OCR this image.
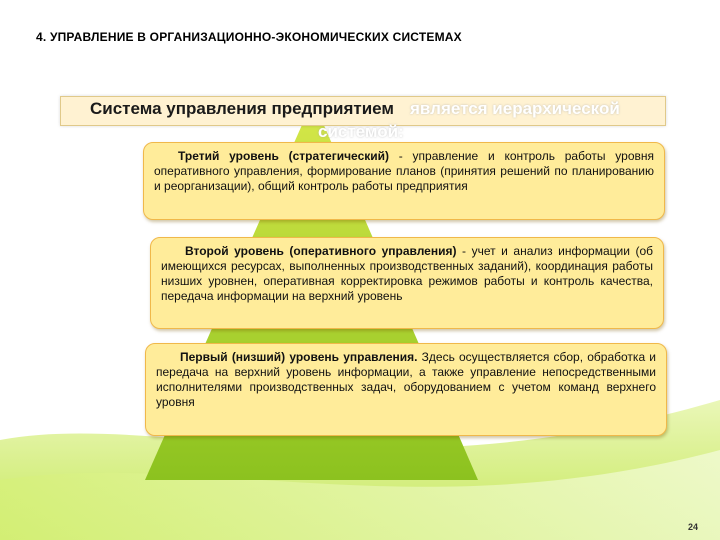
4. УПРАВЛЕНИЕ В ОРГАНИЗАЦИОННО-ЭКОНОМИЧЕСКИХ СИСТЕМАХ
Система управления предприятием является иерархической
системой:
Третий уровень (стратегический) - управление и контроль работы уровня оперативного управления, формирование планов (принятия решений по планированию и реорганизации), общий контроль работы предприятия
Второй уровень (оперативного управления) - учет и анализ информации (об имеющихся ресурсах, выполненных производственных заданий), координация работы низших уровнен, оперативная корректировка режимов работы и контроль качества, передача информации на верхний уровень
Первый (низший) уровень управления. Здесь осуществляется сбор, обработка и передача на верхний уровень информации, а также управление непосредственными исполнителями производственных задач, оборудованием с учетом команд верхнего уровня
24
